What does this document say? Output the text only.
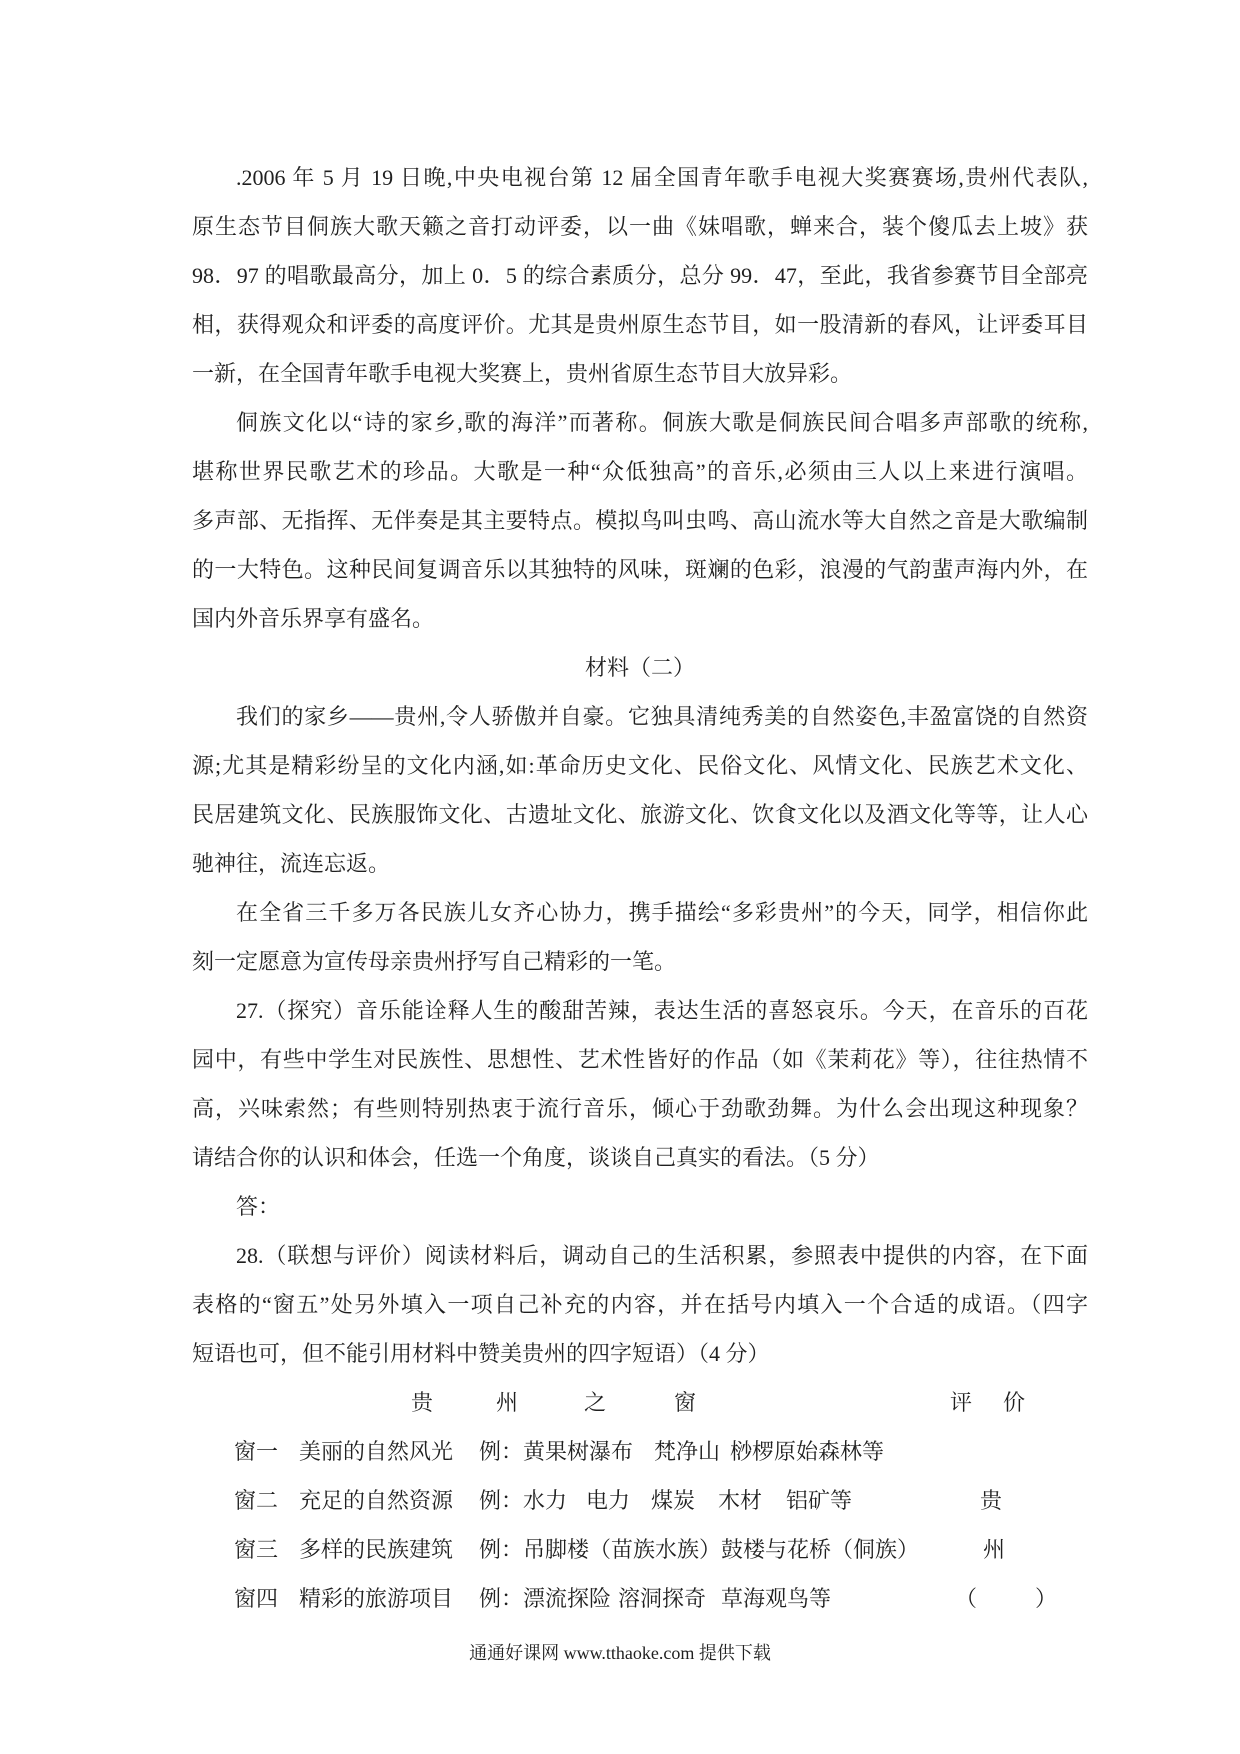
.2006 年 5 月 19 日晚,中央电视台第 12 届全国青年歌手电视大奖赛赛场,贵州代表队,
原生态节目侗族大歌天籁之音打动评委，以一曲《妹唱歌，蝉来合，装个傻瓜去上坡》获
98．97 的唱歌最高分，加上 0．5 的综合素质分，总分 99．47，至此，我省参赛节目全部亮
相，获得观众和评委的高度评价。尤其是贵州原生态节目，如一股清新的春风，让评委耳目
一新，在全国青年歌手电视大奖赛上，贵州省原生态节目大放异彩。
侗族文化以“诗的家乡,歌的海洋”而著称。侗族大歌是侗族民间合唱多声部歌的统称,
堪称世界民歌艺术的珍品。大歌是一种“众低独高”的音乐,必须由三人以上来进行演唱。
多声部、无指挥、无伴奏是其主要特点。模拟鸟叫虫鸣、高山流水等大自然之音是大歌编制
的一大特色。这种民间复调音乐以其独特的风味，斑斓的色彩，浪漫的气韵蜚声海内外，在
国内外音乐界享有盛名。
材料（二）
我们的家乡——贵州,令人骄傲并自豪。它独具清纯秀美的自然姿色,丰盈富饶的自然资
源;尤其是精彩纷呈的文化内涵,如:革命历史文化、民俗文化、风情文化、民族艺术文化、
民居建筑文化、民族服饰文化、古遗址文化、旅游文化、饮食文化以及酒文化等等，让人心
驰神往，流连忘返。
在全省三千多万各民族儿女齐心协力，携手描绘“多彩贵州”的今天，同学，相信你此
刻一定愿意为宣传母亲贵州抒写自己精彩的一笔。
27.（探究）音乐能诠释人生的酸甜苦辣，表达生活的喜怒哀乐。今天，在音乐的百花
园中，有些中学生对民族性、思想性、艺术性皆好的作品（如《茉莉花》等），往往热情不
高，兴味索然；有些则特别热衷于流行音乐，倾心于劲歌劲舞。为什么会出现这种现象？
请结合你的认识和体会，任选一个角度，谈谈自己真实的看法。（5 分）
答：
28.（联想与评价）阅读材料后，调动自己的生活积累，参照表中提供的内容，在下面
表格的“窗五”处另外填入一项自己补充的内容，并在括号内填入一个合适的成语。（四字
短语也可，但不能引用材料中赞美贵州的四字短语）（4 分）
贵	州	之	窗	评 价
窗一 美丽的自然风光 例：黄果树瀑布 梵净山 桫椤原始森林等
窗二 充足的自然资源 例：水力 电力 煤炭 木材 铝矿等	贵
窗三 多样的民族建筑 例：吊脚楼（苗族水族）鼓楼与花桥（侗族）	州
窗四 精彩的旅游项目 例：漂流探险 溶洞探奇 草海观鸟等	（	）
通通好课网 www.tthaoke.com 提供下载
